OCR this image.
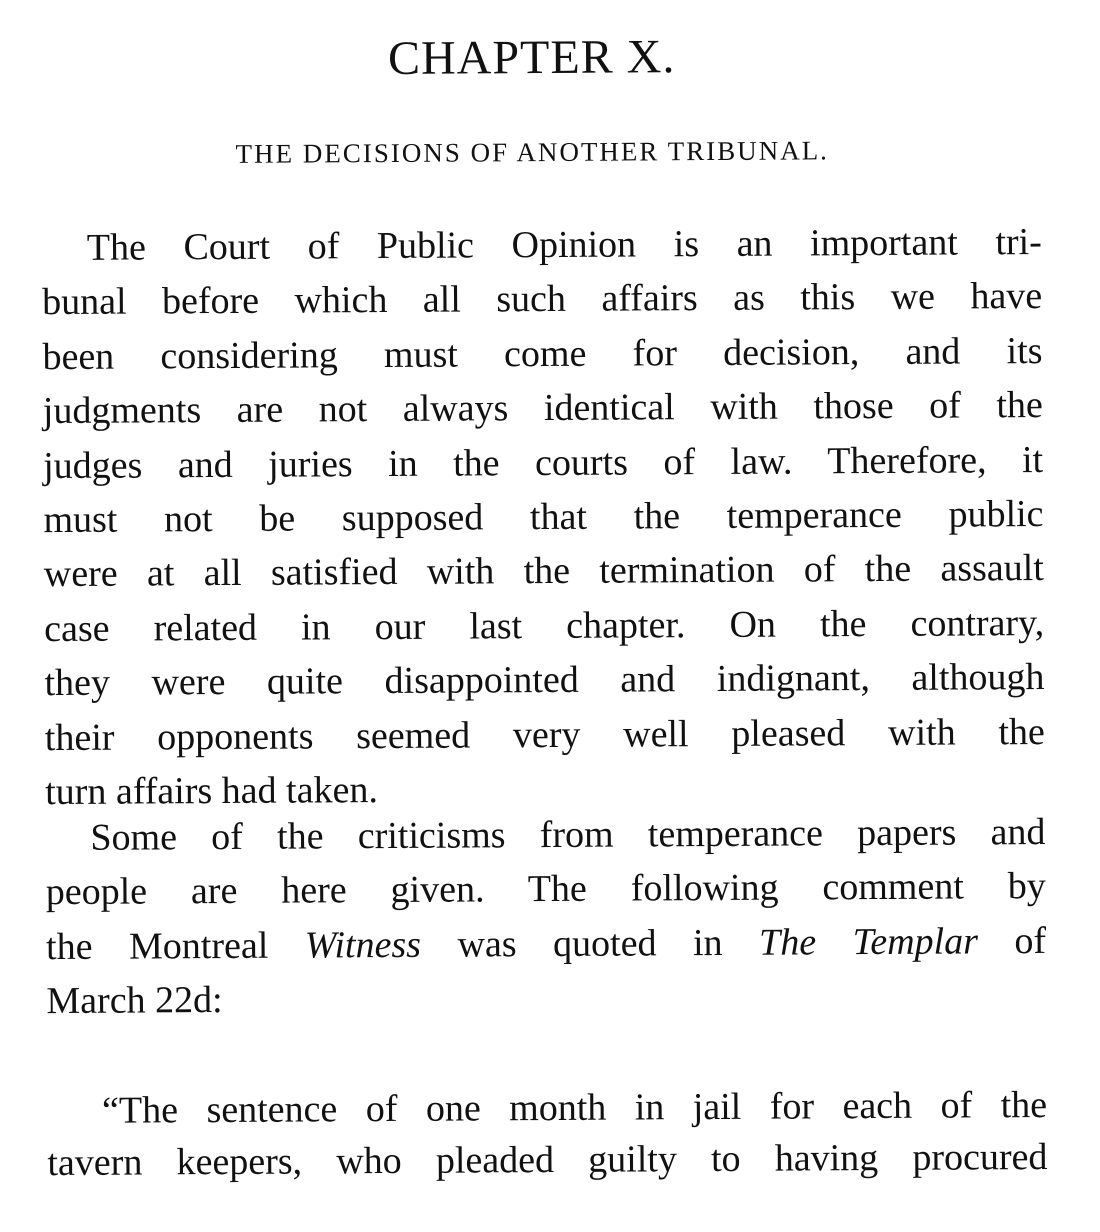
CHAPTER X.
THE DECISIONS OF ANOTHER TRIBUNAL.

The Court of Public Opinion is an important tri-
bunal before which all such affairs as this we have
been considering must come for decision, and its
judgments are not always identical with those of the
judges and juries in the courts of law. Therefore, it
must not be supposed that the temperance public
were at all satisfied with the termination of the assault
case related in our last chapter. On the contrary,
they were quite disappointed and indignant, although
their opponents seemed very well pleased with the
turn affairs had taken.

Some of the criticisms from temperance papers and
people are here given. The following comment by
the Montreal Witness was quoted in The Templar of
March 22d:

“The sentence of one month in jail for each of the
tavern keepers, who pleaded guilty to having procured
